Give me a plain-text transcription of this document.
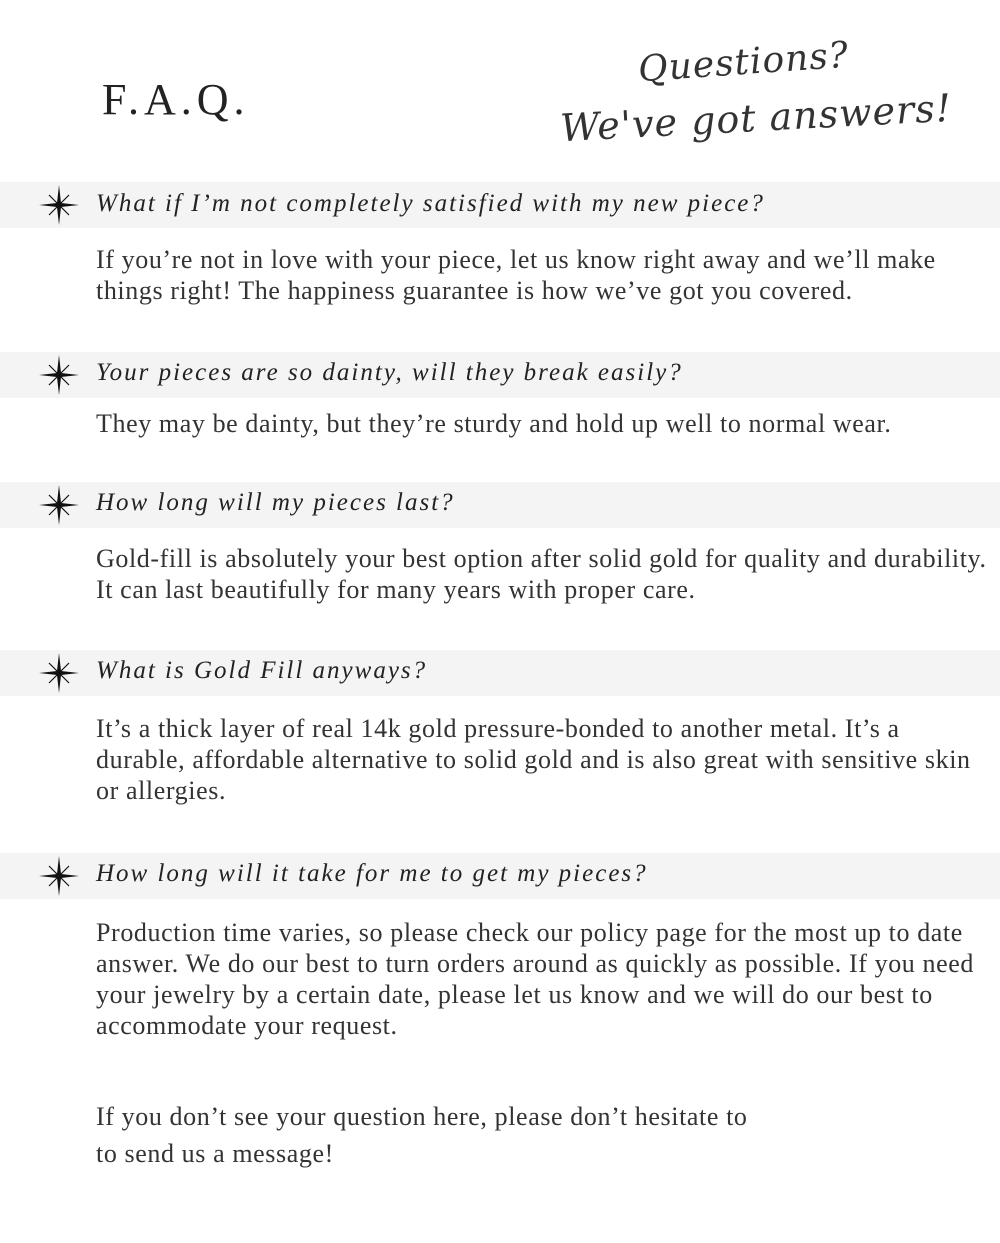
F.A.Q.
Questions?
We've got answers!
What if I’m not completely satisfied with my new piece?

If you’re not in love with your piece, let us know right away and we’ll make things right! The happiness guarantee is how we’ve got you covered.

Your pieces are so dainty, will they break easily?

They may be dainty, but they’re sturdy and hold up well to normal wear.

How long will my pieces last?

Gold-fill is absolutely your best option after solid gold for quality and durability. It can last beautifully for many years with proper care.

What is Gold Fill anyways?

It’s a thick layer of real 14k gold pressure-bonded to another metal. It’s a durable, affordable alternative to solid gold and is also great with sensitive skin or allergies.

How long will it take for me to get my pieces?

Production time varies, so please check our policy page for the most up to date answer. We do our best to turn orders around as quickly as possible. If you need your jewelry by a certain date, please let us know and we will do our best to accommodate your request.

If you don’t see your question here, please don’t hesitate to
to send us a message!
